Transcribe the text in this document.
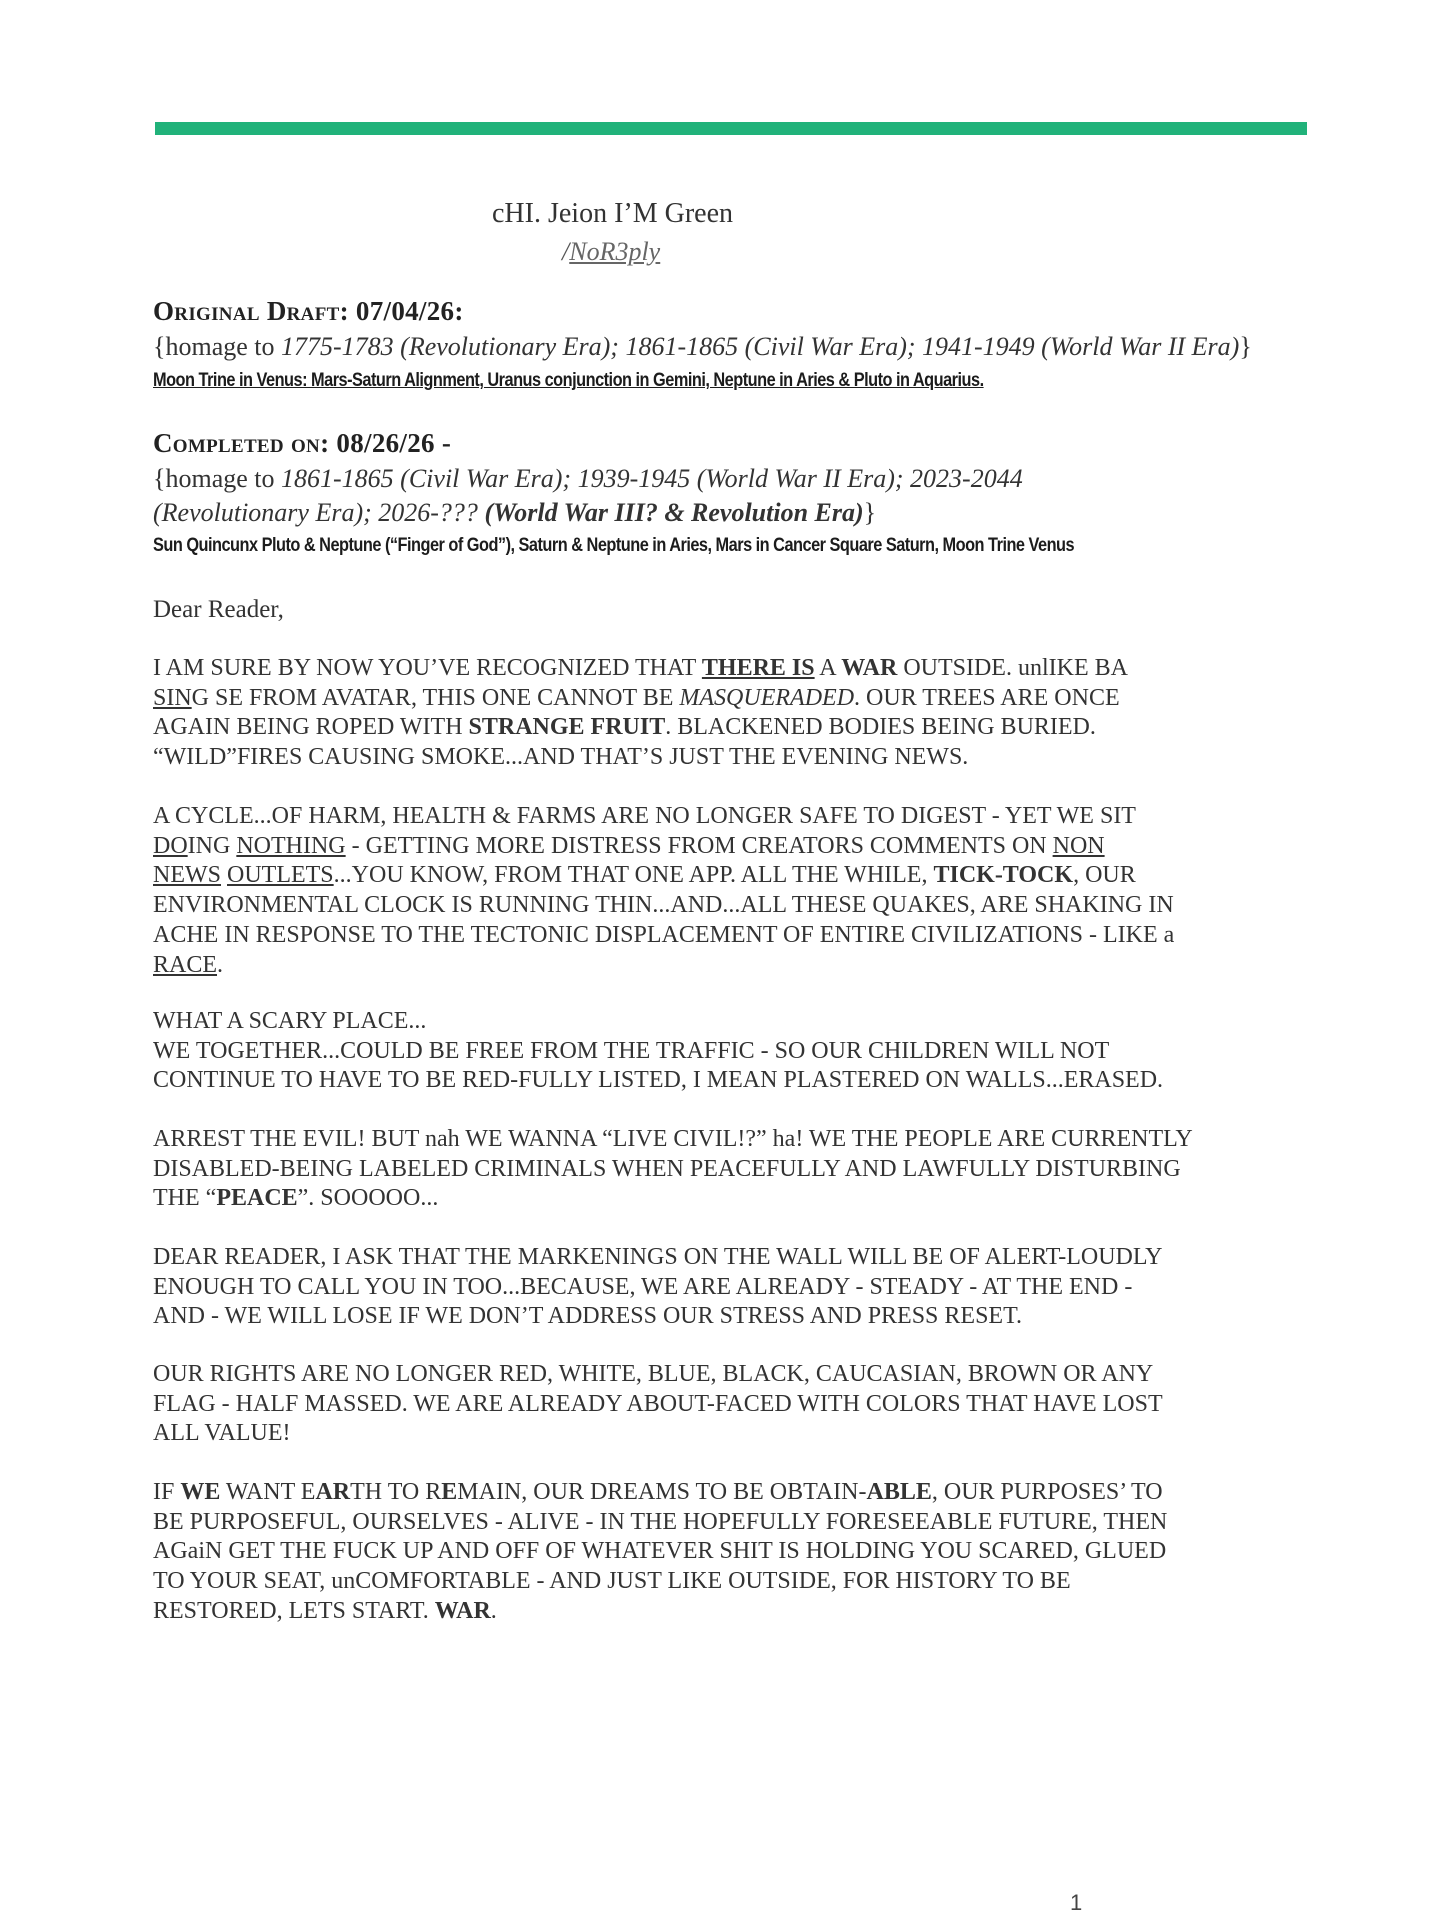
cHI. Jeion I’M Green
/NoR3ply
Original Draft: 07/04/26:
{homage to 1775-1783 (Revolutionary Era); 1861-1865 (Civil War Era); 1941-1949 (World War II Era)}
Moon Trine in Venus: Mars-Saturn Alignment, Uranus conjunction in Gemini, Neptune in Aries & Pluto in Aquarius.
Completed on: 08/26/26 -
{homage to 1861-1865 (Civil War Era); 1939-1945 (World War II Era); 2023-2044
(Revolutionary Era); 2026-??? (World War III? & Revolution Era)}
Sun Quincunx Pluto & Neptune (“Finger of God”), Saturn & Neptune in Aries, Mars in Cancer Square Saturn, Moon Trine Venus
Dear Reader,

I AM SURE BY NOW YOU’VE RECOGNIZED THAT THERE IS A WAR OUTSIDE. unlIKE BA

SING SE FROM AVATAR, THIS ONE CANNOT BE MASQUERADED. OUR TREES ARE ONCE

AGAIN BEING ROPED WITH STRANGE FRUIT. BLACKENED BODIES BEING BURIED.

“WILD”FIRES CAUSING SMOKE...AND THAT’S JUST THE EVENING NEWS.

A CYCLE...OF HARM, HEALTH & FARMS ARE NO LONGER SAFE TO DIGEST - YET WE SIT

DOING NOTHING - GETTING MORE DISTRESS FROM CREATORS COMMENTS ON NON

NEWS OUTLETS...YOU KNOW, FROM THAT ONE APP. ALL THE WHILE, TICK-TOCK, OUR

ENVIRONMENTAL CLOCK IS RUNNING THIN...AND...ALL THESE QUAKES, ARE SHAKING IN

ACHE IN RESPONSE TO THE TECTONIC DISPLACEMENT OF ENTIRE CIVILIZATIONS - LIKE a

RACE.

WHAT A SCARY PLACE...

WE TOGETHER...COULD BE FREE FROM THE TRAFFIC - SO OUR CHILDREN WILL NOT

CONTINUE TO HAVE TO BE RED-FULLY LISTED, I MEAN PLASTERED ON WALLS...ERASED.

ARREST THE EVIL! BUT nah WE WANNA “LIVE CIVIL!?” ha! WE THE PEOPLE ARE CURRENTLY

DISABLED-BEING LABELED CRIMINALS WHEN PEACEFULLY AND LAWFULLY DISTURBING

THE “PEACE”. SOOOOO...

DEAR READER, I ASK THAT THE MARKENINGS ON THE WALL WILL BE OF ALERT-LOUDLY

ENOUGH TO CALL YOU IN TOO...BECAUSE, WE ARE ALREADY - STEADY - AT THE END -

AND - WE WILL LOSE IF WE DON’T ADDRESS OUR STRESS AND PRESS RESET.

OUR RIGHTS ARE NO LONGER RED, WHITE, BLUE, BLACK, CAUCASIAN, BROWN OR ANY

FLAG - HALF MASSED. WE ARE ALREADY ABOUT-FACED WITH COLORS THAT HAVE LOST

ALL VALUE!

IF WE WANT EARTH TO REMAIN, OUR DREAMS TO BE OBTAIN-ABLE, OUR PURPOSES’ TO

BE PURPOSEFUL, OURSELVES - ALIVE - IN THE HOPEFULLY FORESEEABLE FUTURE, THEN

AGaiN GET THE FUCK UP AND OFF OF WHATEVER SHIT IS HOLDING YOU SCARED, GLUED

TO YOUR SEAT, unCOMFORTABLE - AND JUST LIKE OUTSIDE, FOR HISTORY TO BE

RESTORED, LETS START. WAR.

1
